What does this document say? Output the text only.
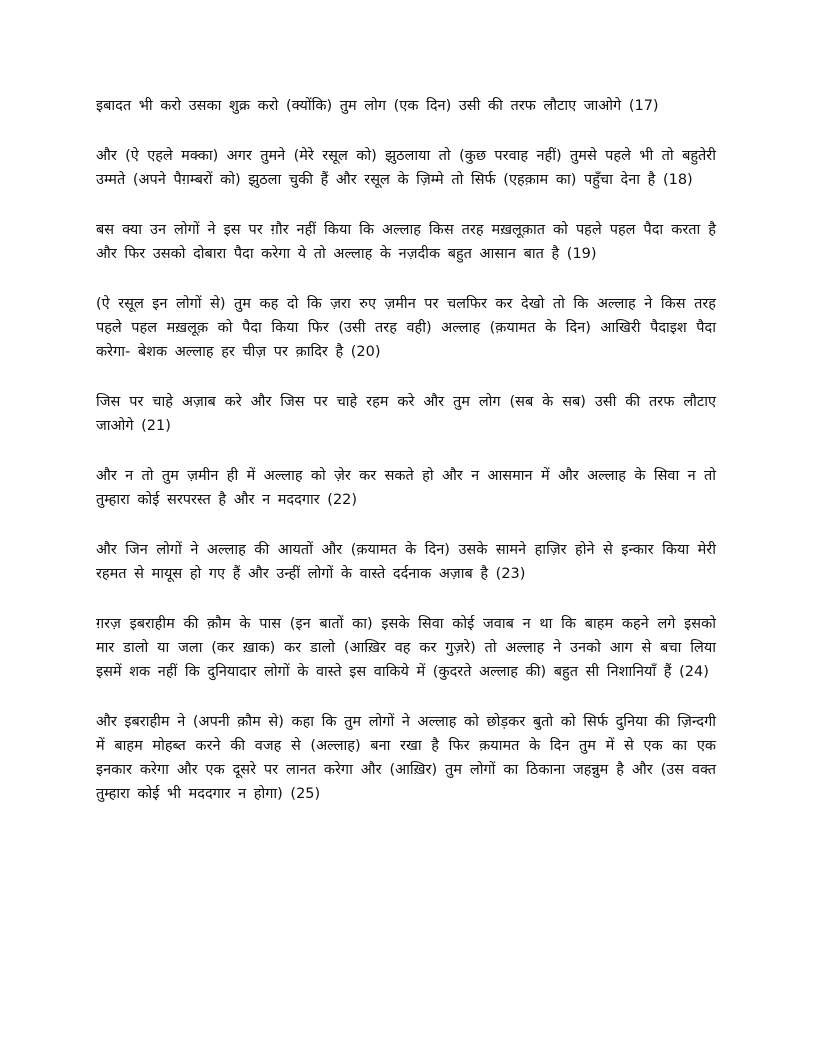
इबादत भी करो उसका शुक्र करो (क्योंकि) तुम लोग (एक दिन) उसी की तरफ लौटाए जाओगे (17)

और (ऐ एहले मक्का) अगर तुमने (मेरे रसूल को) झुठलाया तो (कुछ परवाह नहीं) तुमसे पहले भी तो बहुतेरी उम्मते (अपने पैग़म्बरों को) झुठला चुकी हैं और रसूल के ज़िम्मे तो सिर्फ (एहक़ाम का) पहुँचा देना है (18)

बस क्या उन लोगों ने इस पर ग़ौर नहीं किया कि अल्लाह किस तरह मख़लूक़ात को पहले पहल पैदा करता है और फिर उसको दोबारा पैदा करेगा ये तो अल्लाह के नज़दीक बहुत आसान बात है (19)

(ऐ रसूल इन लोगों से) तुम कह दो कि ज़रा रुए ज़मीन पर चलफिर कर देखो तो कि अल्लाह ने किस तरह पहले पहल मख़लूक़ को पैदा किया फिर (उसी तरह वही) अल्लाह (क़यामत के दिन) आखिरी पैदाइश पैदा करेगा- बेशक अल्लाह हर चीज़ पर क़ादिर है (20)

जिस पर चाहे अज़ाब करे और जिस पर चाहे रहम करे और तुम लोग (सब के सब) उसी की तरफ लौटाए जाओगे (21)

और न तो तुम ज़मीन ही में अल्लाह को ज़ेर कर सकते हो और न आसमान में और अल्लाह के सिवा न तो तुम्हारा कोई सरपरस्त है और न मददगार (22)

और जिन लोगों ने अल्लाह की आयतों और (क़यामत के दिन) उसके सामने हाज़िर होने से इन्कार किया मेरी रहमत से मायूस हो गए हैं और उन्हीं लोगों के वास्ते दर्दनाक अज़ाब है (23)

ग़रज़ इबराहीम की क़ौम के पास (इन बातों का) इसके सिवा कोई जवाब न था कि बाहम कहने लगे इसको मार डालो या जला (कर ख़ाक) कर डालो (आख़िर वह कर गुज़रे) तो अल्लाह ने उनको आग से बचा लिया इसमें शक नहीं कि दुनियादार लोगों के वास्ते इस वाकिये में (कुदरते अल्लाह की) बहुत सी निशानियाँ हैं (24)

और इबराहीम ने (अपनी क़ौम से) कहा कि तुम लोगों ने अल्लाह को छोड़कर बुतो को सिर्फ दुनिया की ज़िन्दगी में बाहम मोहब्त करने की वजह से (अल्लाह) बना रखा है फिर क़यामत के दिन तुम में से एक का एक इनकार करेगा और एक दूसरे पर लानत करेगा और (आख़िर) तुम लोगों का ठिकाना जहन्नुम है और (उस वक्त तुम्हारा कोई भी मददगार न होगा) (25)
